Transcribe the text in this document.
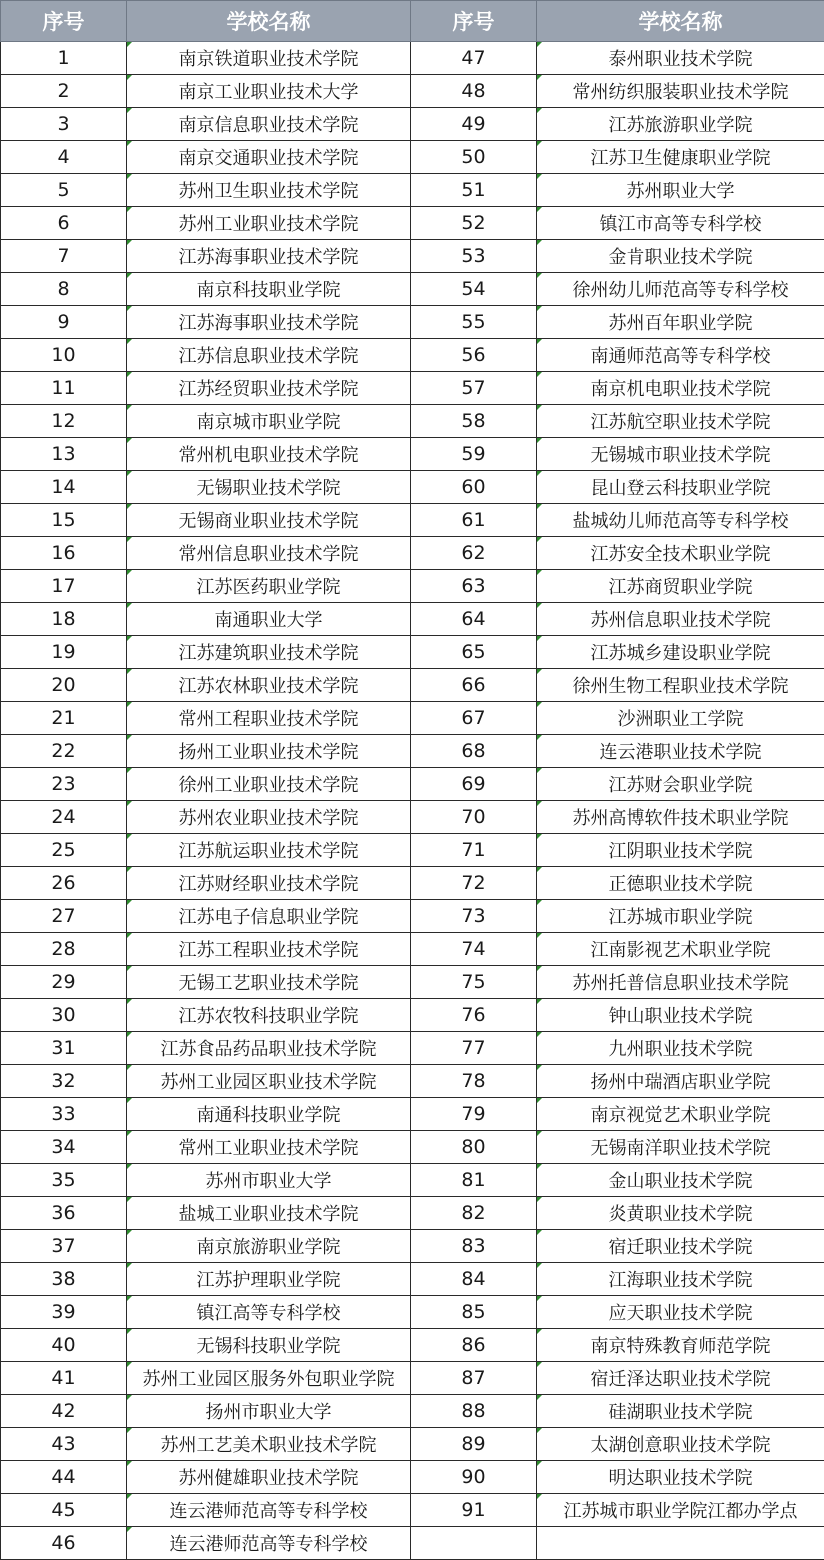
序号	学校名称	序号	学校名称
1	南京铁道职业技术学院	47	泰州职业技术学院
2	南京工业职业技术大学	48	常州纺织服装职业技术学院
3	南京信息职业技术学院	49	江苏旅游职业学院
4	南京交通职业技术学院	50	江苏卫生健康职业学院
5	苏州卫生职业技术学院	51	苏州职业大学
6	苏州工业职业技术学院	52	镇江市高等专科学校
7	江苏海事职业技术学院	53	金肯职业技术学院
8	南京科技职业学院	54	徐州幼儿师范高等专科学校
9	江苏海事职业技术学院	55	苏州百年职业学院
10	江苏信息职业技术学院	56	南通师范高等专科学校
11	江苏经贸职业技术学院	57	南京机电职业技术学院
12	南京城市职业学院	58	江苏航空职业技术学院
13	常州机电职业技术学院	59	无锡城市职业技术学院
14	无锡职业技术学院	60	昆山登云科技职业学院
15	无锡商业职业技术学院	61	盐城幼儿师范高等专科学校
16	常州信息职业技术学院	62	江苏安全技术职业学院
17	江苏医药职业学院	63	江苏商贸职业学院
18	南通职业大学	64	苏州信息职业技术学院
19	江苏建筑职业技术学院	65	江苏城乡建设职业学院
20	江苏农林职业技术学院	66	徐州生物工程职业技术学院
21	常州工程职业技术学院	67	沙洲职业工学院
22	扬州工业职业技术学院	68	连云港职业技术学院
23	徐州工业职业技术学院	69	江苏财会职业学院
24	苏州农业职业技术学院	70	苏州高博软件技术职业学院
25	江苏航运职业技术学院	71	江阴职业技术学院
26	江苏财经职业技术学院	72	正德职业技术学院
27	江苏电子信息职业学院	73	江苏城市职业学院
28	江苏工程职业技术学院	74	江南影视艺术职业学院
29	无锡工艺职业技术学院	75	苏州托普信息职业技术学院
30	江苏农牧科技职业学院	76	钟山职业技术学院
31	江苏食品药品职业技术学院	77	九州职业技术学院
32	苏州工业园区职业技术学院	78	扬州中瑞酒店职业学院
33	南通科技职业学院	79	南京视觉艺术职业学院
34	常州工业职业技术学院	80	无锡南洋职业技术学院
35	苏州市职业大学	81	金山职业技术学院
36	盐城工业职业技术学院	82	炎黄职业技术学院
37	南京旅游职业学院	83	宿迁职业技术学院
38	江苏护理职业学院	84	江海职业技术学院
39	镇江高等专科学校	85	应天职业技术学院
40	无锡科技职业学院	86	南京特殊教育师范学院
41	苏州工业园区服务外包职业学院	87	宿迁泽达职业技术学院
42	扬州市职业大学	88	硅湖职业技术学院
43	苏州工艺美术职业技术学院	89	太湖创意职业技术学院
44	苏州健雄职业技术学院	90	明达职业技术学院
45	连云港师范高等专科学校	91	江苏城市职业学院江都办学点
46	连云港师范高等专科学校		
